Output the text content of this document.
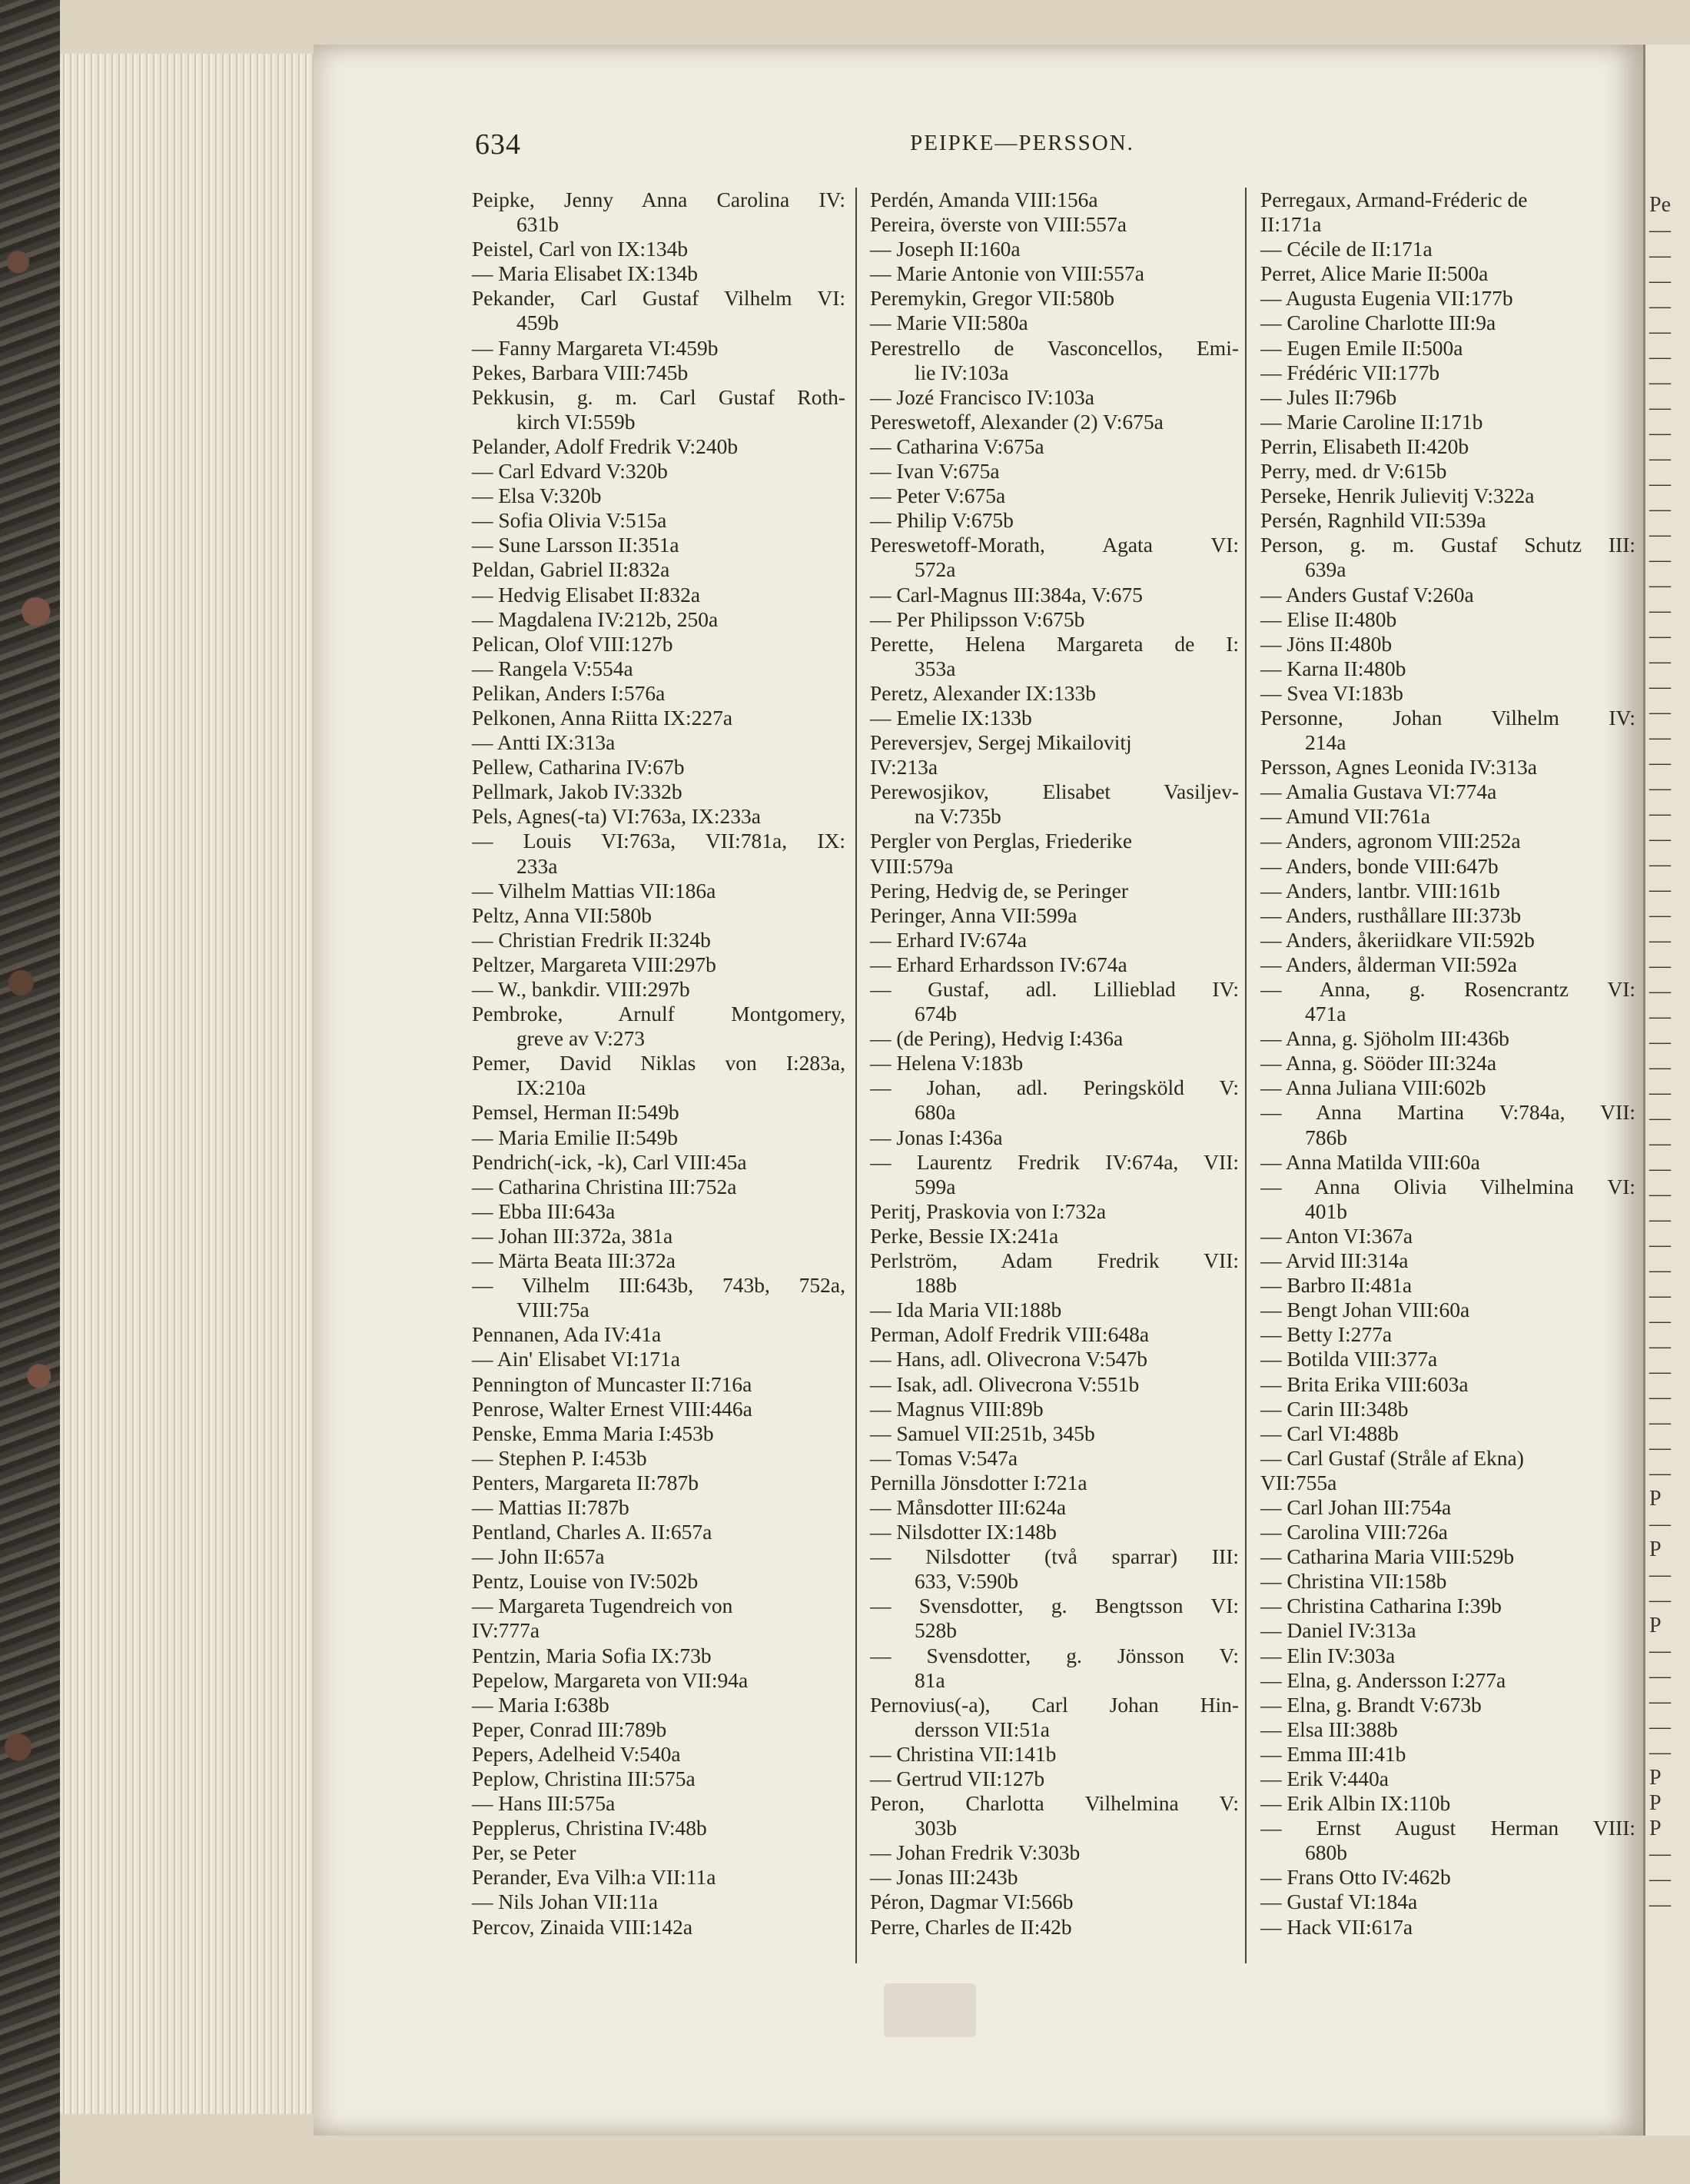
Pe
—
—
—
—
—
—
—
—
—
—
—
—
—
—
—
—
—
—
—
—
—
—
—
—
—
—
—
—
—
—
—
—
—
—
—
—
—
—
—
—
—
—
—
—
—
—
—
—
—
—
P
—
P
—
—
P
—
—
—
—
—
P
P
P
—
—
—
634	PEIPKE—PERSSON.
Peipke, Jenny Anna Carolina IV:
631b
Peistel, Carl von IX:134b
— Maria Elisabet IX:134b
Pekander, Carl Gustaf Vilhelm VI:
459b
— Fanny Margareta VI:459b
Pekes, Barbara VIII:745b
Pekkusin, g. m. Carl Gustaf Roth-
kirch VI:559b
Pelander, Adolf Fredrik V:240b
— Carl Edvard V:320b
— Elsa V:320b
— Sofia Olivia V:515a
— Sune Larsson II:351a
Peldan, Gabriel II:832a
— Hedvig Elisabet II:832a
— Magdalena IV:212b, 250a
Pelican, Olof VIII:127b
— Rangela V:554a
Pelikan, Anders I:576a
Pelkonen, Anna Riitta IX:227a
— Antti IX:313a
Pellew, Catharina IV:67b
Pellmark, Jakob IV:332b
Pels, Agnes(-ta) VI:763a, IX:233a
— Louis VI:763a, VII:781a, IX:
233a
— Vilhelm Mattias VII:186a
Peltz, Anna VII:580b
— Christian Fredrik II:324b
Peltzer, Margareta VIII:297b
— W., bankdir. VIII:297b
Pembroke, Arnulf Montgomery,
greve av V:273
Pemer, David Niklas von I:283a,
IX:210a
Pemsel, Herman II:549b
— Maria Emilie II:549b
Pendrich(-ick, -k), Carl VIII:45a
— Catharina Christina III:752a
— Ebba III:643a
— Johan III:372a, 381a
— Märta Beata III:372a
— Vilhelm III:643b, 743b, 752a,
VIII:75a
Pennanen, Ada IV:41a
— Ain' Elisabet VI:171a
Pennington of Muncaster II:716a
Penrose, Walter Ernest VIII:446a
Penske, Emma Maria I:453b
— Stephen P. I:453b
Penters, Margareta II:787b
— Mattias II:787b
Pentland, Charles A. II:657a
— John II:657a
Pentz, Louise von IV:502b
— Margareta Tugendreich von
IV:777a
Pentzin, Maria Sofia IX:73b
Pepelow, Margareta von VII:94a
— Maria I:638b
Peper, Conrad III:789b
Pepers, Adelheid V:540a
Peplow, Christina III:575a
— Hans III:575a
Pepplerus, Christina IV:48b
Per, se Peter
Perander, Eva Vilh:a VII:11a
— Nils Johan VII:11a
Percov, Zinaida VIII:142a
Perdén, Amanda VIII:156a
Pereira, överste von VIII:557a
— Joseph II:160a
— Marie Antonie von VIII:557a
Peremykin, Gregor VII:580b
— Marie VII:580a
Perestrello de Vasconcellos, Emi-
lie IV:103a
— Jozé Francisco IV:103a
Pereswetoff, Alexander (2) V:675a
— Catharina V:675a
— Ivan V:675a
— Peter V:675a
— Philip V:675b
Pereswetoff-Morath, Agata VI:
572a
— Carl-Magnus III:384a, V:675
— Per Philipsson V:675b
Perette, Helena Margareta de I:
353a
Peretz, Alexander IX:133b
— Emelie IX:133b
Pereversjev, Sergej Mikailovitj
IV:213a
Perewosjikov, Elisabet Vasiljev-
na V:735b
Pergler von Perglas, Friederike
VIII:579a
Pering, Hedvig de, se Peringer
Peringer, Anna VII:599a
— Erhard IV:674a
— Erhard Erhardsson IV:674a
— Gustaf, adl. Lillieblad IV:
674b
— (de Pering), Hedvig I:436a
— Helena V:183b
— Johan, adl. Peringsköld V:
680a
— Jonas I:436a
— Laurentz Fredrik IV:674a, VII:
599a
Peritj, Praskovia von I:732a
Perke, Bessie IX:241a
Perlström, Adam Fredrik VII:
188b
— Ida Maria VII:188b
Perman, Adolf Fredrik VIII:648a
— Hans, adl. Olivecrona V:547b
— Isak, adl. Olivecrona V:551b
— Magnus VIII:89b
— Samuel VII:251b, 345b
— Tomas V:547a
Pernilla Jönsdotter I:721a
— Månsdotter III:624a
— Nilsdotter IX:148b
— Nilsdotter (två sparrar) III:
633, V:590b
— Svensdotter, g. Bengtsson VI:
528b
— Svensdotter, g. Jönsson V:
81a
Pernovius(-a), Carl Johan Hin-
dersson VII:51a
— Christina VII:141b
— Gertrud VII:127b
Peron, Charlotta Vilhelmina V:
303b
— Johan Fredrik V:303b
— Jonas III:243b
Péron, Dagmar VI:566b
Perre, Charles de II:42b
Perregaux, Armand-Fréderic de
II:171a
— Cécile de II:171a
Perret, Alice Marie II:500a
— Augusta Eugenia VII:177b
— Caroline Charlotte III:9a
— Eugen Emile II:500a
— Frédéric VII:177b
— Jules II:796b
— Marie Caroline II:171b
Perrin, Elisabeth II:420b
Perry, med. dr V:615b
Perseke, Henrik Julievitj V:322a
Persén, Ragnhild VII:539a
Person, g. m. Gustaf Schutz III:
639a
— Anders Gustaf V:260a
— Elise II:480b
— Jöns II:480b
— Karna II:480b
— Svea VI:183b
Personne, Johan Vilhelm IV:
214a
Persson, Agnes Leonida IV:313a
— Amalia Gustava VI:774a
— Amund VII:761a
— Anders, agronom VIII:252a
— Anders, bonde VIII:647b
— Anders, lantbr. VIII:161b
— Anders, rusthållare III:373b
— Anders, åkeriidkare VII:592b
— Anders, ålderman VII:592a
— Anna, g. Rosencrantz VI:
471a
— Anna, g. Sjöholm III:436b
— Anna, g. Sööder III:324a
— Anna Juliana VIII:602b
— Anna Martina V:784a, VII:
786b
— Anna Matilda VIII:60a
— Anna Olivia Vilhelmina VI:
401b
— Anton VI:367a
— Arvid III:314a
— Barbro II:481a
— Bengt Johan VIII:60a
— Betty I:277a
— Botilda VIII:377a
— Brita Erika VIII:603a
— Carin III:348b
— Carl VI:488b
— Carl Gustaf (Stråle af Ekna)
VII:755a
— Carl Johan III:754a
— Carolina VIII:726a
— Catharina Maria VIII:529b
— Christina VII:158b
— Christina Catharina I:39b
— Daniel IV:313a
— Elin IV:303a
— Elna, g. Andersson I:277a
— Elna, g. Brandt V:673b
— Elsa III:388b
— Emma III:41b
— Erik V:440a
— Erik Albin IX:110b
— Ernst August Herman VIII:
680b
— Frans Otto IV:462b
— Gustaf VI:184a
— Hack VII:617a
